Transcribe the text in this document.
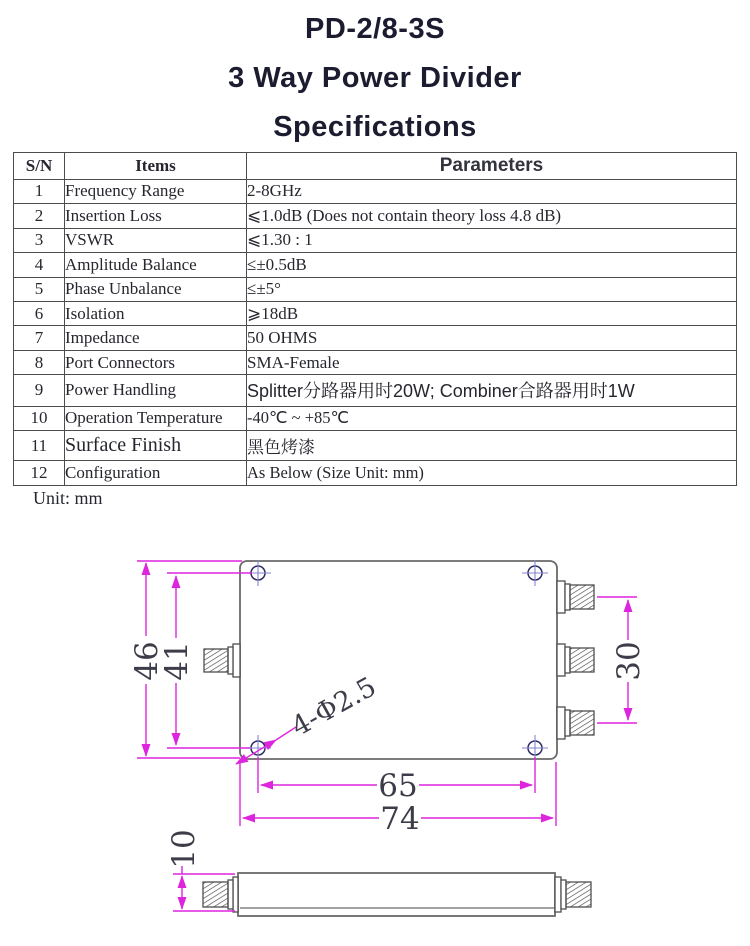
PD-2/8-3S
3 Way Power Divider
Specifications
S/N	Items	Parameters
1	Frequency Range	2-8GHz
2	Insertion Loss	⩽1.0dB (Does not contain theory loss 4.8 dB)
3	VSWR	⩽1.30 : 1
4	Amplitude Balance	≤±0.5dB
5	Phase Unbalance	≤±5°
6	Isolation	⩾18dB
7	Impedance	50 OHMS
8	Port Connectors	SMA-Female
9	Power Handling	Splitter分路器用时20W; Combiner合路器用时1W
10	Operation Temperature	-40℃ ~ +85℃
11	Surface Finish	黑色烤漆
12	Configuration	As Below (Size Unit: mm)
Unit: mm
46
41	30
65
74
10
4-Φ2.5
